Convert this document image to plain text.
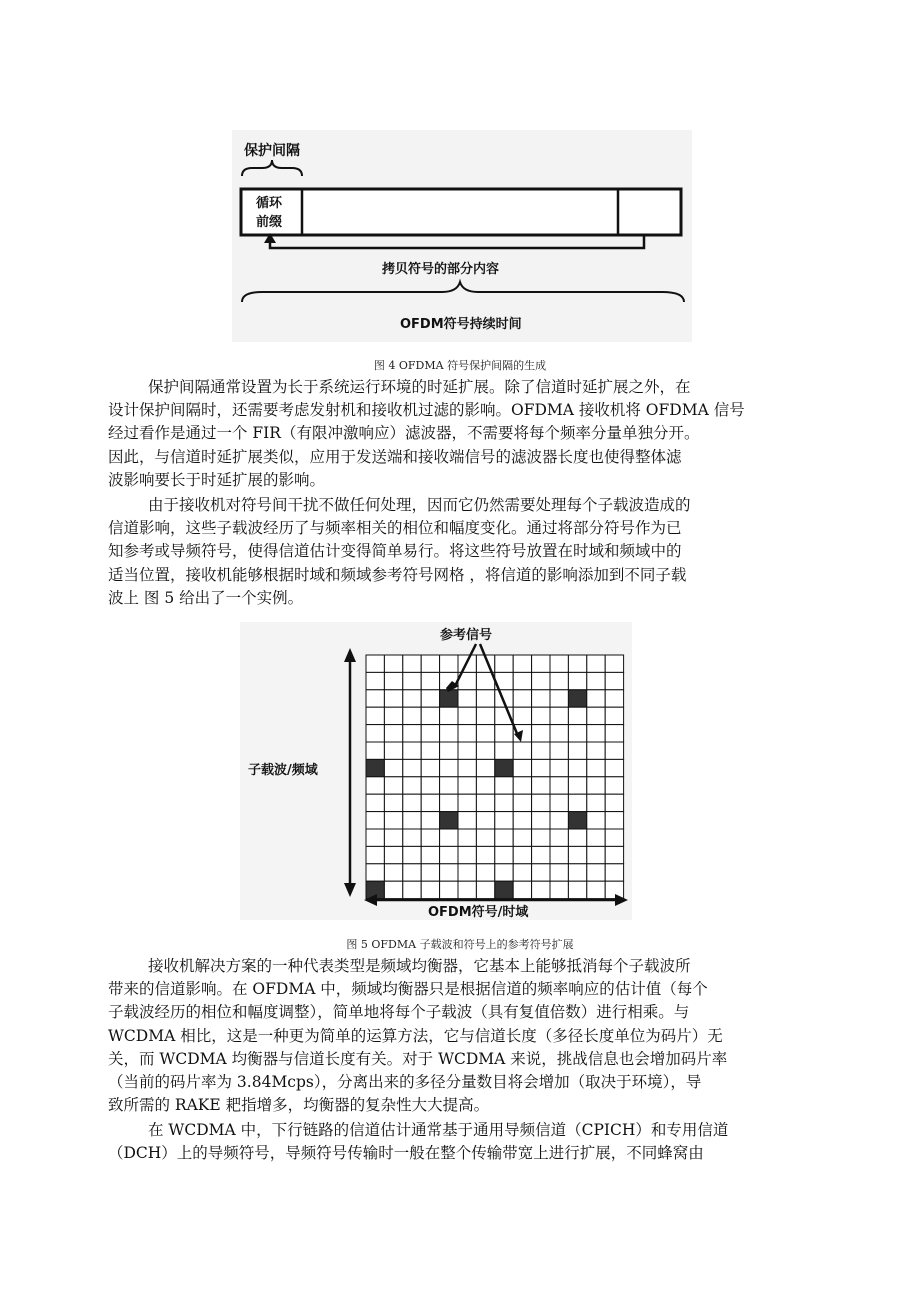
保护间隔
循环
前缀
拷贝符号的部分内容
OFDM符号持续时间
图 4 OFDMA 符号保护间隔的生成
保护间隔通常设置为长于系统运行环境的时延扩展。除了信道时延扩展之外，在
设计保护间隔时，还需要考虑发射机和接收机过滤的影响。OFDMA 接收机将 OFDMA 信号
经过看作是通过一个 FIR（有限冲激响应）滤波器，不需要将每个频率分量单独分开。
因此，与信道时延扩展类似，应用于发送端和接收端信号的滤波器长度也使得整体滤
波影响要长于时延扩展的影响。
由于接收机对符号间干扰不做任何处理，因而它仍然需要处理每个子载波造成的
信道影响，这些子载波经历了与频率相关的相位和幅度变化。通过将部分符号作为已
知参考或导频符号，使得信道估计变得简单易行。将这些符号放置在时域和频域中的
适当位置，接收机能够根据时域和频域参考符号网格 ，将信道的影响添加到不同子载
波上 图 5 给出了一个实例。
参考信号
子载波/频域
OFDM符号/时域
图 5 OFDMA 子载波和符号上的参考符号扩展
接收机解决方案的一种代表类型是频域均衡器，它基本上能够抵消每个子载波所
带来的信道影响。在 OFDMA 中，频域均衡器只是根据信道的频率响应的估计值（每个
子载波经历的相位和幅度调整），简单地将每个子载波（具有复值倍数）进行相乘。与
WCDMA 相比，这是一种更为简单的运算方法，它与信道长度（多径长度单位为码片）无
关，而 WCDMA 均衡器与信道长度有关。对于 WCDMA 来说，挑战信息也会增加码片率
（当前的码片率为 3.84Mcps），分离出来的多径分量数目将会增加（取决于环境），导
致所需的 RAKE 耙指增多，均衡器的复杂性大大提高。
在 WCDMA 中，下行链路的信道估计通常基于通用导频信道（CPICH）和专用信道
（DCH）上的导频符号，导频符号传输时一般在整个传输带宽上进行扩展，不同蜂窝由
